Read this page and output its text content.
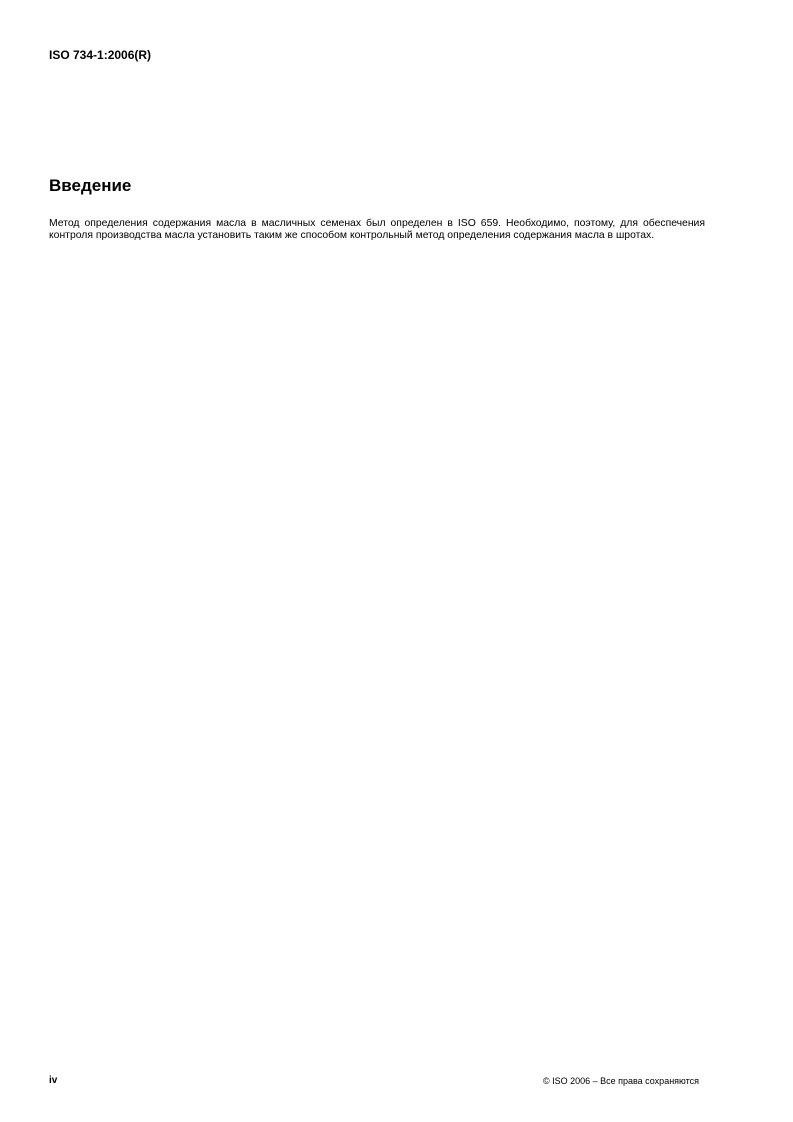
ISO 734-1:2006(R)
Введение

Метод определения содержания масла в масличных семенах был определен в ISO 659. Необходимо, поэтому, для обеспечения контроля производства масла установить таким же способом контрольный метод определения содержания масла в шротах.

iv	© ISO 2006 – Все права сохраняются
